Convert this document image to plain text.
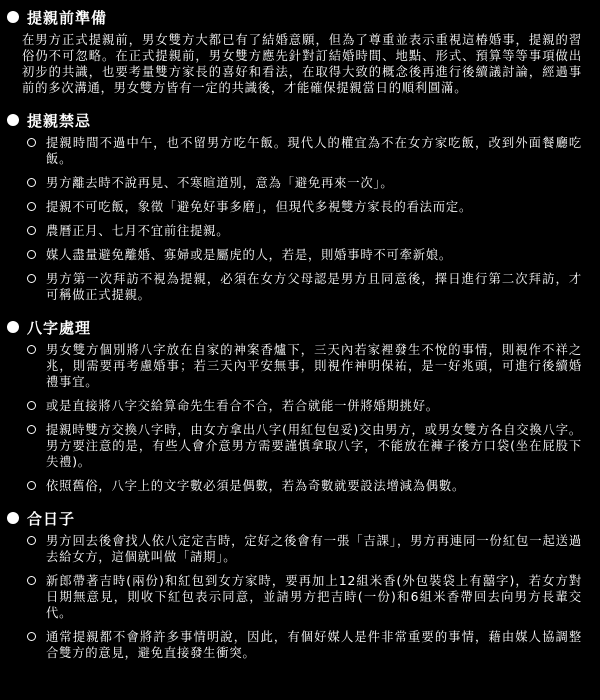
提親前準備

在男方正式提親前，男女雙方大都已有了結婚意願，但為了尊重並表示重視這椿婚事，提親的習俗仍不可忽略。在正式提親前，男女雙方應先針對訂結婚時間、地點、形式、預算等等事項做出初步的共識，也要考量雙方家長的喜好和看法，在取得大致的概念後再進行後續議討論，經過事前的多次溝通，男女雙方皆有一定的共識後，才能確保提親當日的順利圓滿。

提親禁忌
提親時間不過中午，也不留男方吃午飯。現代人的權宜為不在女方家吃飯，改到外面餐廳吃飯。
男方離去時不說再見、不寒暄道別，意為「避免再來一次」。
提親不可吃飯，象徵「避免好事多磨」，但現代多視雙方家長的看法而定。
農曆正月、七月不宜前往提親。
媒人盡量避免離婚、寡婦或是屬虎的人，若是，則婚事時不可牽新娘。
男方第一次拜訪不視為提親，必須在女方父母認是男方且同意後，擇日進行第二次拜訪，才可稱做正式提親。
八字處理
男女雙方個別將八字放在自家的神案香爐下，三天內若家裡發生不悅的事情，則視作不祥之兆，則需要再考慮婚事；若三天內平安無事，則視作神明保祐，是一好兆頭，可進行後續婚禮事宜。
或是直接將八字交給算命先生看合不合，若合就能一併將婚期挑好。
提親時雙方交換八字時，由女方拿出八字(用紅包包妥)交由男方，或男女雙方各自交換八字。男方要注意的是，有些人會介意男方需要謹慎拿取八字，不能放在褲子後方口袋(坐在屁股下失禮)。
依照舊俗，八字上的文字數必須是偶數，若為奇數就要設法增減為偶數。
合日子
男方回去後會找人依八定定吉時，定好之後會有一張「吉課」，男方再連同一份紅包一起送過去給女方，這個就叫做「請期」。
新郎帶著吉時(兩份)和紅包到女方家時，要再加上12組米香(外包裝袋上有囍字)，若女方對日期無意見，則收下紅包表示同意，並請男方把吉時(一份)和6組米香帶回去向男方長輩交代。
通常提親都不會將許多事情明說，因此，有個好媒人是件非常重要的事情，藉由媒人協調整合雙方的意見，避免直接發生衝突。
